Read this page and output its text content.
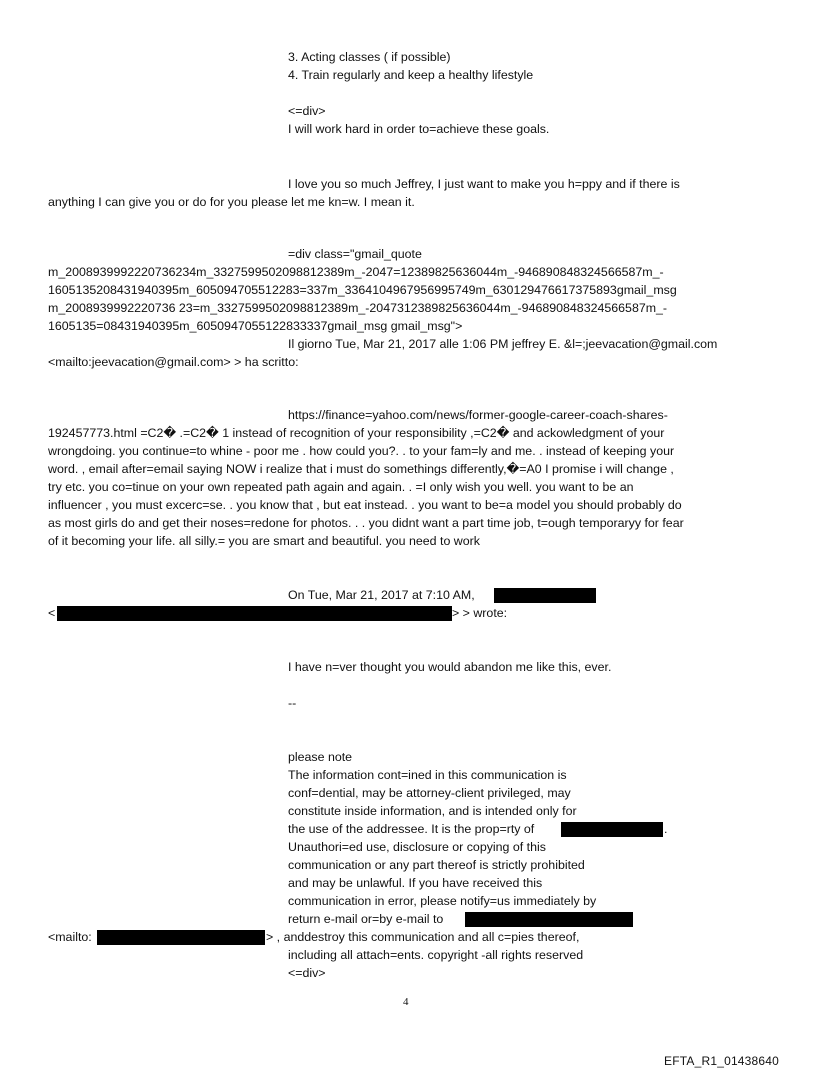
3. Acting classes ( if possible)

4. Train regularly and keep a healthy lifestyle

<=div>

I will work hard in order to=achieve these goals.

I love you so much Jeffrey, I just want to make you h=ppy and if there is

anything I can give you or do for you please let me kn=w. I mean it.

=div class="gmail_quote

m_2008939992220736234m_3327599502098812389m_-2047=12389825636044m_-946890848324566587m_-

1605135208431940395m_605094705512283=337m_3364104967956995749m_630129476617375893gmail_msg

m_2008939992220736 23=m_3327599502098812389m_-2047312389825636044m_-946890848324566587m_-

1605135=08431940395m_6050947055122833337gmail_msg gmail_msg">

Il giorno Tue, Mar 21, 2017 alle 1:06 PM jeffrey E. &l=;jeevacation@gmail.com

<mailto:jeevacation@gmail.com> > ha scritto:

https://finance=yahoo.com/news/former-google-career-coach-shares-

192457773.html =C2� .=C2� 1 instead of recognition of your responsibility ,=C2� and ackowledgment of your

wrongdoing. you continue=to whine - poor me . how could you?. . to your fam=ly and me. . instead of keeping your

word. , email after=email saying NOW i realize that i must do somethings differently,�=A0 I promise i will change ,

try etc. you co=tinue on your own repeated path again and again. . =I only wish you well. you want to be an

influencer , you must excerc=se. . you know that , but eat instead. . you want to be=a model you should probably do

as most girls do and get their noses=redone for photos. . . you didnt want a part time job, t=ough temporaryy for fear

of it becoming your life. all silly.= you are smart and beautiful. you need to work

On Tue, Mar 21, 2017 at 7:10 AM,

<	> > wrote:

I have n=ver thought you would abandon me like this, ever.

--

please note

The information cont=ined in this communication is

conf=dential, may be attorney-client privileged, may

constitute inside information, and is intended only for

the use of the addressee. It is the prop=rty of	.

Unauthori=ed use, disclosure or copying of this

communication or any part thereof is strictly prohibited

and may be unlawful. If you have received this

communication in error, please notify=us immediately by

return e-mail or=by e-mail to

<mailto:	> , anddestroy this communication and all c=pies thereof,

including all attach=ents. copyright -all rights reserved

<=div>

4

EFTA_R1_01438640
